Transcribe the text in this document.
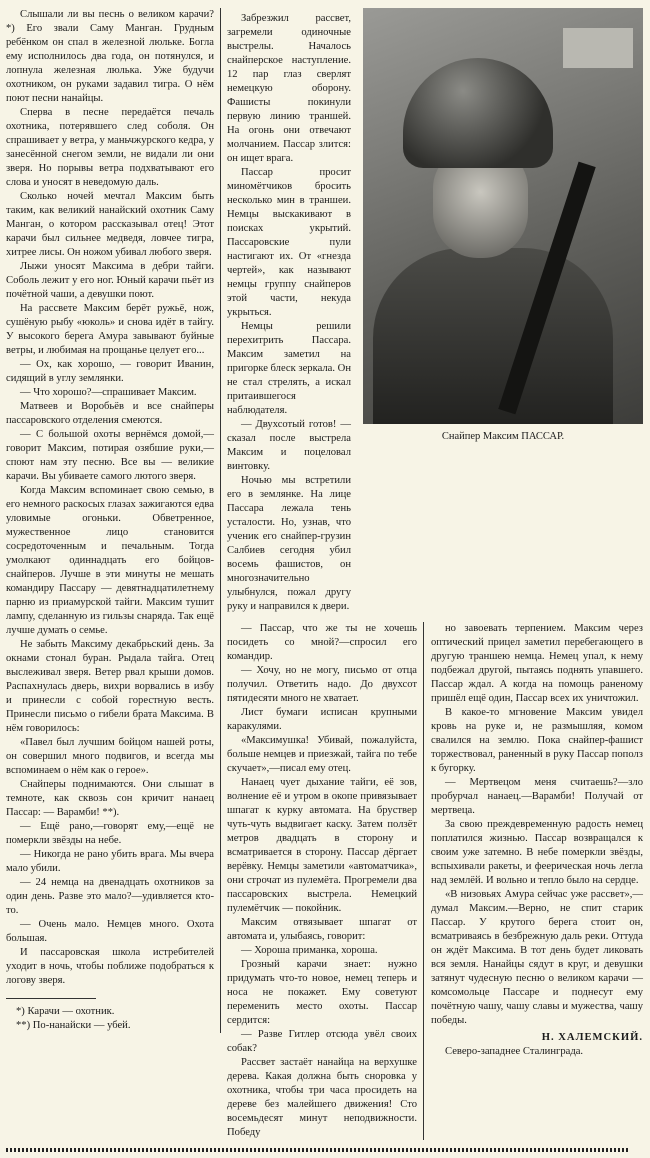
Слышали ли вы песнь о великом карачи? *) Его звали Саму Манган. Грудным ребёнком он спал в железной люльке. Богла ему исполнилось два года, он потянулся, и лопнула железная люлька. Уже будучи охотником, он руками задавил тигра. О нём поют песни нанайцы.

Сперва в песне передаётся печаль охотника, потерявшего след соболя. Он спрашивает у ветра, у маньчжурского кедра, у занесённой снегом земли, не видали ли они зверя. Но порывы ветра подхватывают его слова и уносят в неведомую даль.

Сколько ночей мечтал Максим быть таким, как великий нанайский охотник Саму Манган, о котором рассказывал отец! Этот карачи был сильнее медведя, ловчее тигра, хитрее лисы. Он ножом убивал любого зверя.

Лыжи уносят Максима в дебри тайги. Соболь лежит у его ног. Юный карачи пьёт из почётной чаши, а девушки поют.

На рассвете Максим берёт ружьё, нож, сушёную рыбу «юколь» и снова идёт в тайгу. У высокого берега Амура завывают буйные ветры, и любимая на прощанье целует его...

— Ох, как хорошо, — говорит Иванин, сидящий в углу землянки.

— Что хорошо?—спрашивает Максим.

Матвеев и Воробьёв и все снайперы пассаровского отделения смеются.

— С большой охоты вернёмся домой,— говорит Максим, потирая озябшие руки,— споют нам эту песню. Все вы — великие карачи. Вы убиваете самого лютого зверя.

Когда Максим вспоминает свою семью, в его немного раскосых глазах зажигаются едва уловимые огоньки. Обветренное, мужественное лицо становится сосредоточенным и печальным. Тогда умолкают одиннадцать его бойцов-снайперов. Лучше в эти минуты не мешать командиру Пассару — девятнадцатилетнему парню из приамурской тайги. Максим тушит лампу, сделанную из гильзы снаряда. Так ещё лучше думать о семье.

Не забыть Максиму декабрьский день. За окнами стонал буран. Рыдала тайга. Отец выслеживал зверя. Ветер рвал крыши домов. Распахнулась дверь, вихри ворвались в избу и принесли с собой горестную весть. Принесли письмо о гибели брата Максима. В нём говорилось:

«Павел был лучшим бойцом нашей роты, он совершил много подвигов, и всегда мы вспоминаем о нём как о герое».

Снайперы поднимаются. Они слышат в темноте, как сквозь сон кричит нанаец Пассар: — Варамби! **).

— Ещё рано,—говорят ему,—ещё не померкли звёзды на небе.

— Никогда не рано убить врага. Мы вчера мало убили.

— 24 немца на двенадцать охотников за один день. Разве это мало?—удивляется кто-то.

— Очень мало. Немцев много. Охота большая.

И пассаровская школа истребителей уходит в ночь, чтобы поближе подобраться к логову зверя.

*) Карачи — охотник.

**) По-нанайски — убей.

Забрезжил рассвет, загремели одиночные выстрелы. Началось снайперское наступление. 12 пар глаз сверлят немецкую оборону. Фашисты покинули первую линию траншей. На огонь они отвечают молчанием. Пассар злится: он ищет врага.

Пассар просит миномётчиков бросить несколько мин в траншеи. Немцы выскакивают в поисках укрытий. Пассаровские пули настигают их. От «гнезда чертей», как называют немцы группу снайперов этой части, некуда укрыться.

Немцы решили перехитрить Пассара. Максим заметил на пригорке блеск зеркала. Он не стал стрелять, а искал притаившегося наблюдателя.

— Двухсотый готов! — сказал после выстрела Максим и поцеловал винтовку.

Ночью мы встретили его в землянке. На лице Пассара лежала тень усталости. Но, узнав, что ученик его снайпер-грузин Салбиев сегодня убил восемь фашистов, он многозначительно улыбнулся, пожал другу руку и направился к двери.

Снайпер Максим ПАССАР.

— Пассар, что же ты не хочешь посидеть со мной?—спросил его командир.

— Хочу, но не могу, письмо от отца получил. Ответить надо. До двухсот пятидесяти много не хватает.

Лист бумаги исписан крупными каракулями.

«Максимушка! Убивай, пожалуйста, больше немцев и приезжай, тайга по тебе скучает»,—писал ему отец.

Нанаец чует дыхание тайги, её зов, волнение её и утром в окопе привязывает шпагат к курку автомата. На бруствер чуть-чуть выдвигает каску. Затем ползёт метров двадцать в сторону и всматривается в сторону. Пассар дёргает верёвку. Немцы заметили «автоматчика», они строчат из пулемёта. Прогремели два пассаровских выстрела. Немецкий пулемётчик — покойник.

Максим отвязывает шпагат от автомата и, улыбаясь, говорит:

— Хороша приманка, хороша.

Грозный карачи знает: нужно придумать что-то новое, немец теперь и носа не покажет. Ему советуют переменить место охоты. Пассар сердится:

— Разве Гитлер отсюда увёл своих собак?

Рассвет застаёт нанайца на верхушке дерева. Какая должна быть сноровка у охотника, чтобы три часа просидеть на дереве без малейшего движения! Сто восемьдесят минут неподвижности. Победу

но завоевать терпением. Максим через оптический прицел заметил перебегающего в другую траншею немца. Немец упал, к нему подбежал другой, пытаясь поднять упавшего. Пассар ждал. А когда на помощь раненому пришёл ещё один, Пассар всех их уничтожил.

В какое-то мгновение Максим увидел кровь на руке и, не размышляя, комом свалился на землю. Пока снайпер-фашист торжествовал, раненный в руку Пассар пополз к бугорку.

— Мертвецом меня считаешь?—зло пробурчал нанаец.—Варамби! Получай от мертвеца.

За свою преждевременную радость немец поплатился жизнью. Пассар возвращался к своим уже затемно. В небе померкли звёзды, вспыхивали ракеты, и феерическая ночь легла над землёй. И вольно и тепло было на сердце.

«В низовьях Амура сейчас уже рассвет»,—думал Максим.—Верно, не спит старик Пассар. У крутого берега стоит он, всматриваясь в безбрежную даль реки. Оттуда он ждёт Максима. В тот день будет ликовать вся земля. Нанайцы сядут в круг, и девушки затянут чудесную песню о великом карачи — комсомольце Пассаре и поднесут ему почётную чашу, чашу славы и мужества, чашу победы.

Н. ХАЛЕМСКИЙ.

Северо-западнее Сталинграда.
